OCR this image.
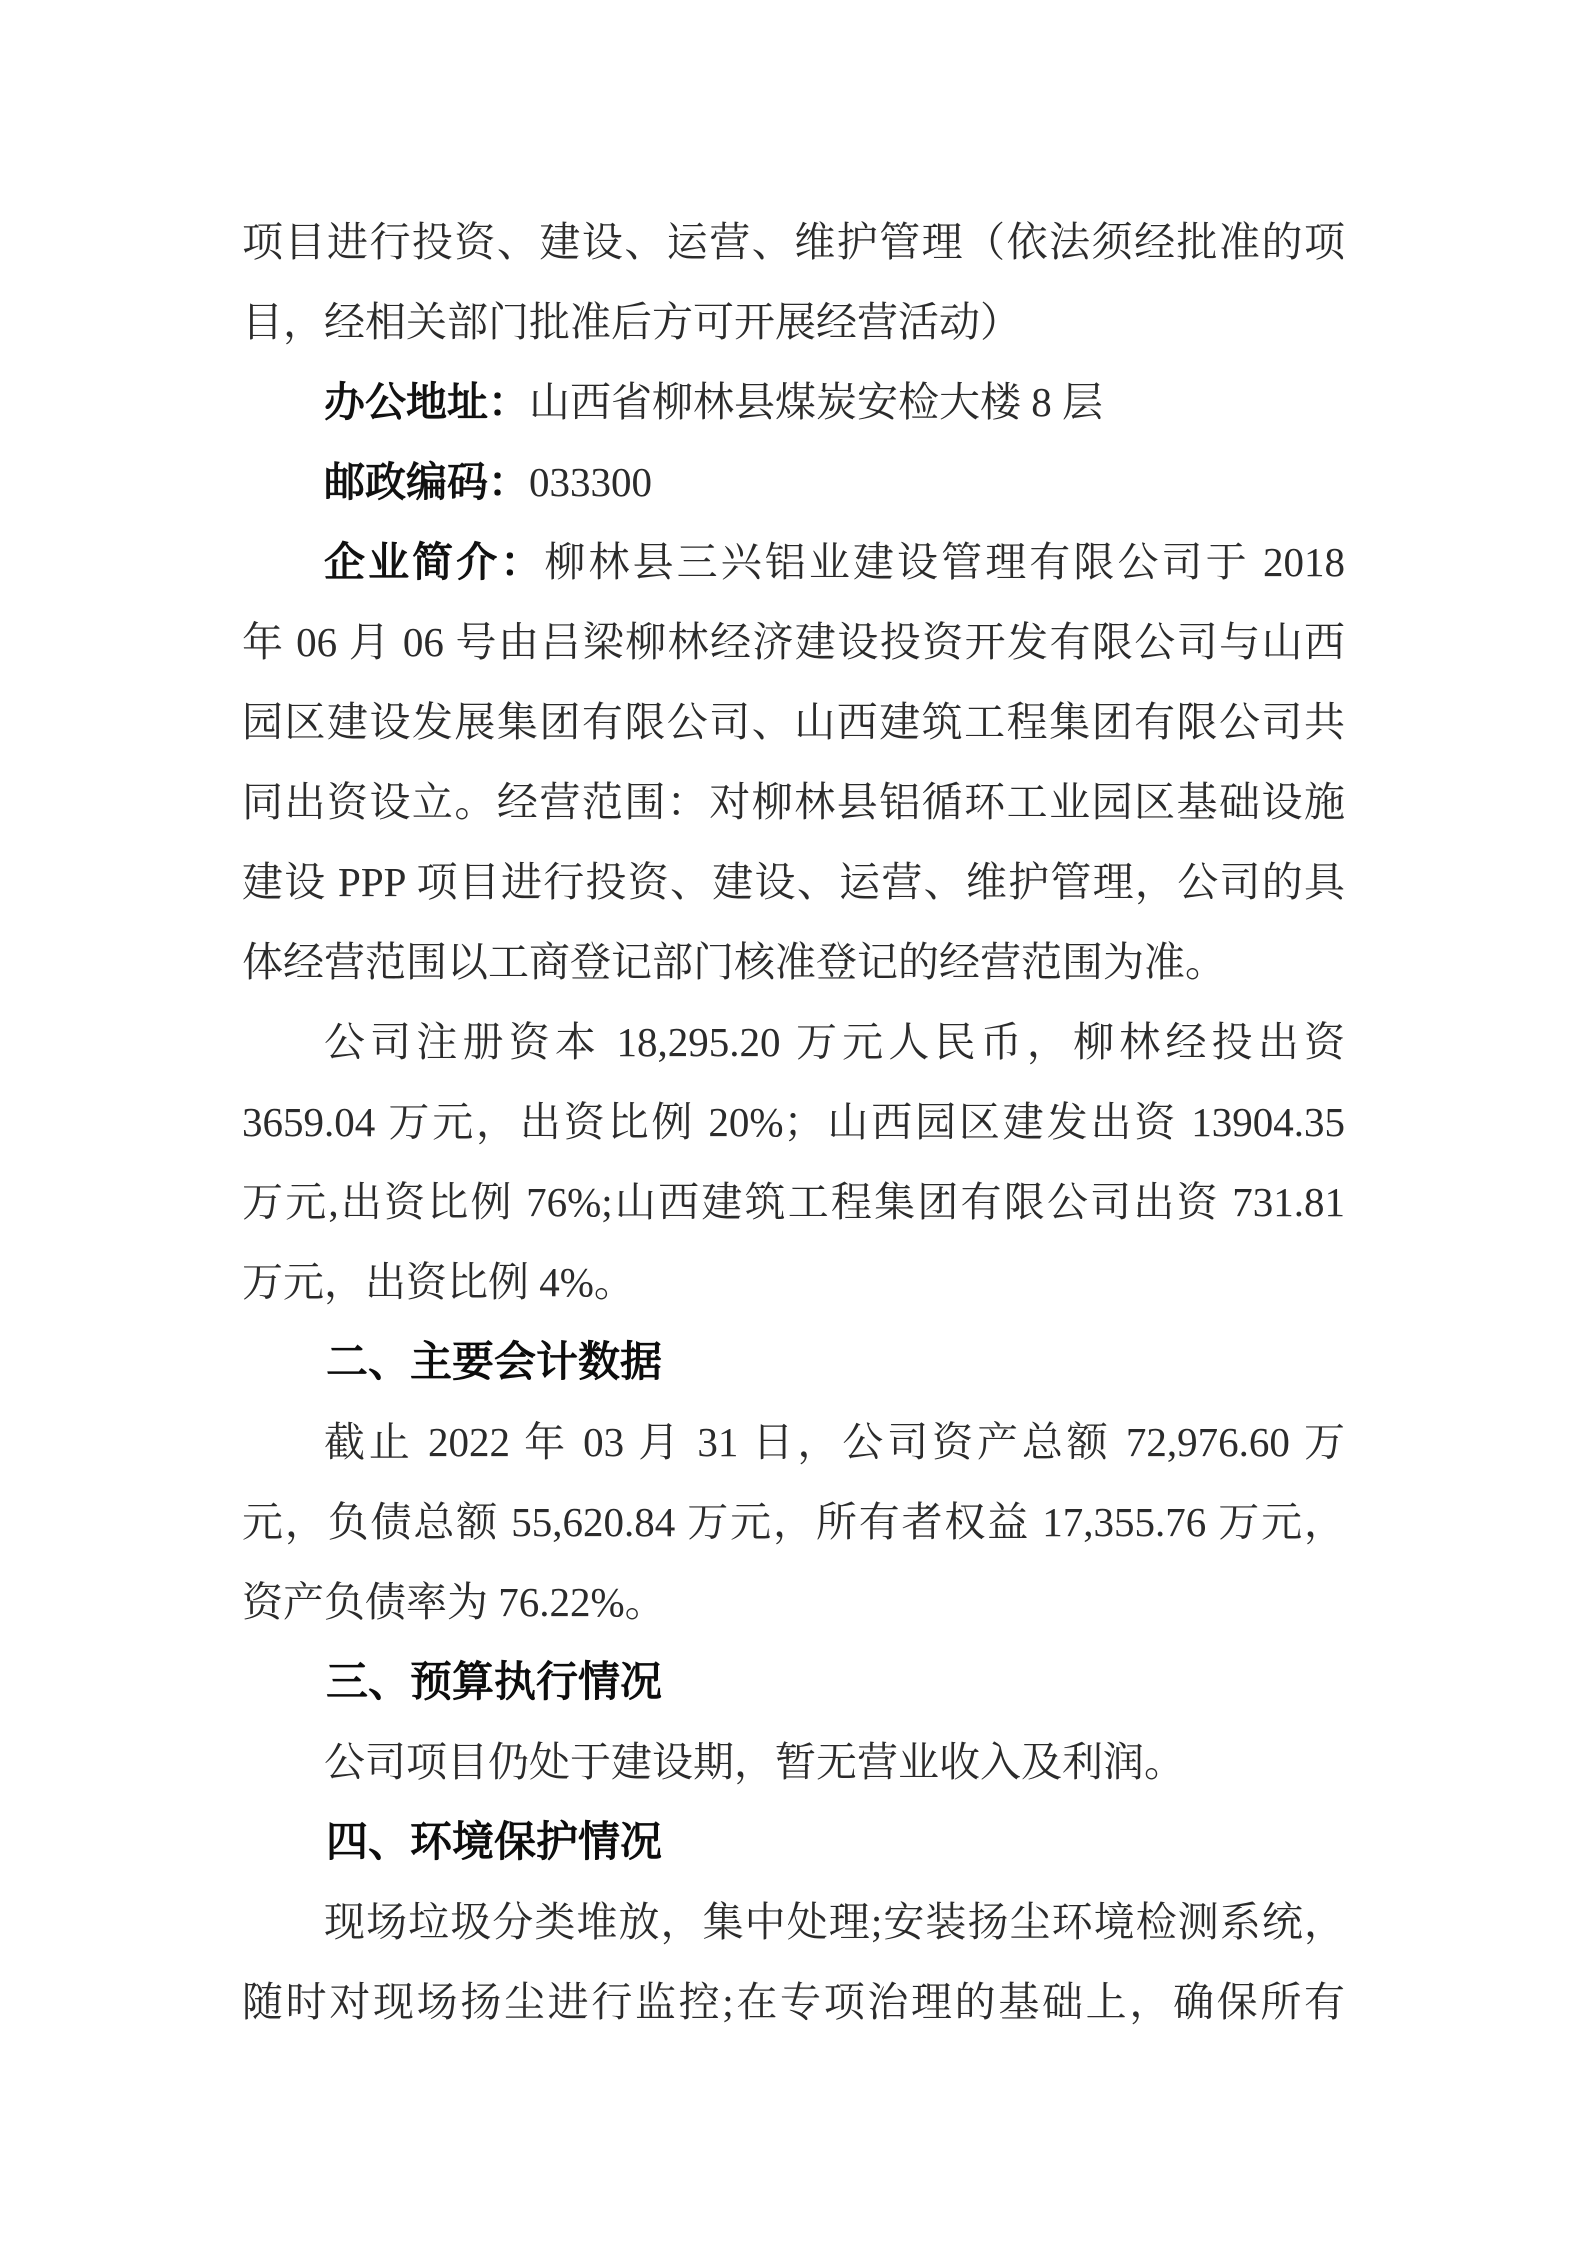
项目进行投资、建设、运营、维护管理（依法须经批准的项
目，经相关部门批准后方可开展经营活动）
办公地址：山西省柳林县煤炭安检大楼 8 层
邮政编码：033300
企业简介：柳林县三兴铝业建设管理有限公司于 2018
年 06 月 06 号由吕梁柳林经济建设投资开发有限公司与山西
园区建设发展集团有限公司、山西建筑工程集团有限公司共
同出资设立。经营范围：对柳林县铝循环工业园区基础设施
建设 PPP 项目进行投资、建设、运营、维护管理，公司的具
体经营范围以工商登记部门核准登记的经营范围为准。
公司注册资本 18,295.20 万元人民币，柳林经投出资
3659.04 万元，出资比例 20%；山西园区建发出资 13904.35
万元,出资比例 76%;山西建筑工程集团有限公司出资 731.81
万元，出资比例 4%。
二、主要会计数据
截止 2022 年 03 月 31 日，公司资产总额 72,976.60 万
元，负债总额 55,620.84 万元，所有者权益 17,355.76 万元，
资产负债率为 76.22%。
三、预算执行情况
公司项目仍处于建设期，暂无营业收入及利润。
四、环境保护情况
现场垃圾分类堆放，集中处理;安装扬尘环境检测系统，
随时对现场扬尘进行监控;在专项治理的基础上，确保所有
